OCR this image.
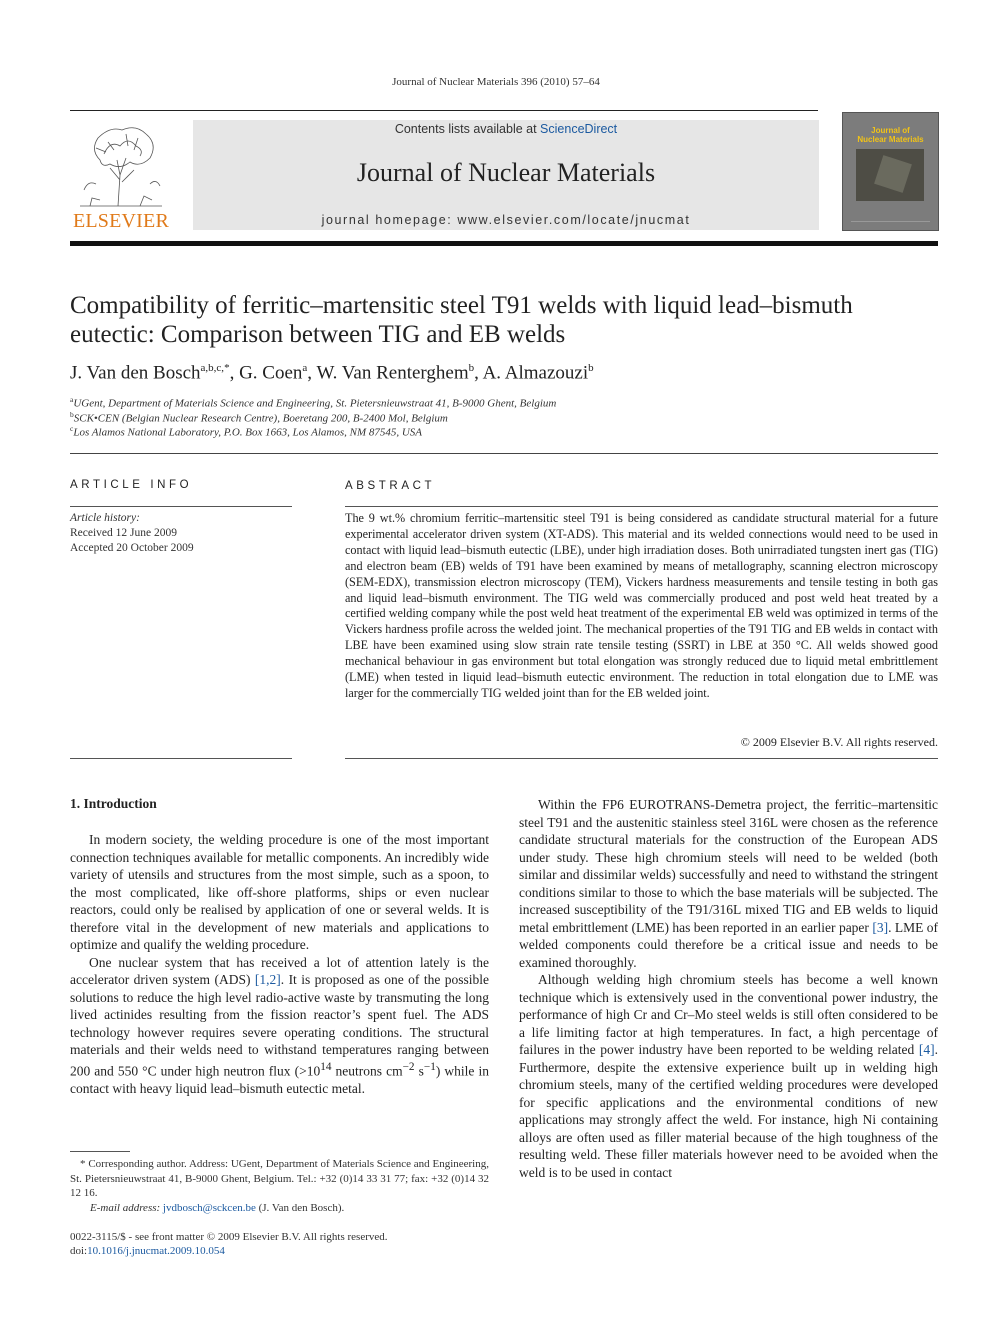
Journal of Nuclear Materials 396 (2010) 57–64
ELSEVIER
Contents lists available at ScienceDirect
Journal of Nuclear Materials
journal homepage: www.elsevier.com/locate/jnucmat
Journal of
Nuclear Materials
Compatibility of ferritic–martensitic steel T91 welds with liquid lead–bismuth eutectic: Comparison between TIG and EB welds
J. Van den Bosch$^{a,b,c,*}$, G. Coen$^a$, W. Van Renterghem$^b$, A. Almazouzi$^b$
$^a$UGent, Department of Materials Science and Engineering, St. Pietersnieuwstraat 41, B-9000 Ghent, Belgium
$^b$SCK•CEN (Belgian Nuclear Research Centre), Boeretang 200, B-2400 Mol, Belgium
$^c$Los Alamos National Laboratory, P.O. Box 1663, Los Alamos, NM 87545, USA
ARTICLE INFO
Article history:
Received 12 June 2009
Accepted 20 October 2009
ABSTRACT
The 9 wt.% chromium ferritic–martensitic steel T91 is being considered as candidate structural material for a future experimental accelerator driven system (XT-ADS). This material and its welded connections would need to be used in contact with liquid lead–bismuth eutectic (LBE), under high irradiation doses. Both unirradiated tungsten inert gas (TIG) and electron beam (EB) welds of T91 have been examined by means of metallography, scanning electron microscopy (SEM-EDX), transmission electron microscopy (TEM), Vickers hardness measurements and tensile testing in both gas and liquid lead–bismuth environment. The TIG weld was commercially produced and post weld heat treated by a certified welding company while the post weld heat treatment of the experimental EB weld was optimized in terms of the Vickers hardness profile across the welded joint. The mechanical properties of the T91 TIG and EB welds in contact with LBE have been examined using slow strain rate tensile testing (SSRT) in LBE at 350 °C. All welds showed good mechanical behaviour in gas environment but total elongation was strongly reduced due to liquid metal embrittlement (LME) when tested in liquid lead–bismuth eutectic environment. The reduction in total elongation due to LME was larger for the commercially TIG welded joint than for the EB welded joint.
© 2009 Elsevier B.V. All rights reserved.
1. Introduction

In modern society, the welding procedure is one of the most important connection techniques available for metallic components. An incredibly wide variety of utensils and structures from the most simple, such as a spoon, to the most complicated, like off-shore platforms, ships or even nuclear reactors, could only be realised by application of one or several welds. It is therefore vital in the development of new materials and applications to optimize and qualify the welding procedure.

One nuclear system that has received a lot of attention lately is the accelerator driven system (ADS) [1,2]. It is proposed as one of the possible solutions to reduce the high level radio-active waste by transmuting the long lived actinides resulting from the fission reactor’s spent fuel. The ADS technology however requires severe operating conditions. The structural materials and their welds need to withstand temperatures ranging between 200 and 550 °C under high neutron flux ($>10^{14}$ neutrons $cm^{-2}$ $s^{-1}$) while in contact with heavy liquid lead–bismuth eutectic metal.

* Corresponding author. Address: UGent, Department of Materials Science and Engineering, St. Pietersnieuwstraat 41, B-9000 Ghent, Belgium. Tel.: +32 (0)14 33 31 77; fax: +32 (0)14 32 12 16.
E-mail address: jvdbosch@sckcen.be (J. Van den Bosch).
0022-3115/$ - see front matter © 2009 Elsevier B.V. All rights reserved.
doi:10.1016/j.jnucmat.2009.10.054

Within the FP6 EUROTRANS-Demetra project, the ferritic–martensitic steel T91 and the austenitic stainless steel 316L were chosen as the reference candidate structural materials for the construction of the European ADS under study. These high chromium steels will need to be welded (both similar and dissimilar welds) successfully and need to withstand the stringent conditions similar to those to which the base materials will be subjected. The increased susceptibility of the T91/316L mixed TIG and EB welds to liquid metal embrittlement (LME) has been reported in an earlier paper [3]. LME of welded components could therefore be a critical issue and needs to be examined thoroughly.

Although welding high chromium steels has become a well known technique which is extensively used in the conventional power industry, the performance of high Cr and Cr–Mo steel welds is still often considered to be a life limiting factor at high temperatures. In fact, a high percentage of failures in the power industry have been reported to be welding related [4]. Furthermore, despite the extensive experience built up in welding high chromium steels, many of the certified welding procedures were developed for specific applications and the environmental conditions of new applications may strongly affect the weld. For instance, high Ni containing alloys are often used as filler material because of the high toughness of the resulting weld. These filler materials however need to be avoided when the weld is to be used in contact
